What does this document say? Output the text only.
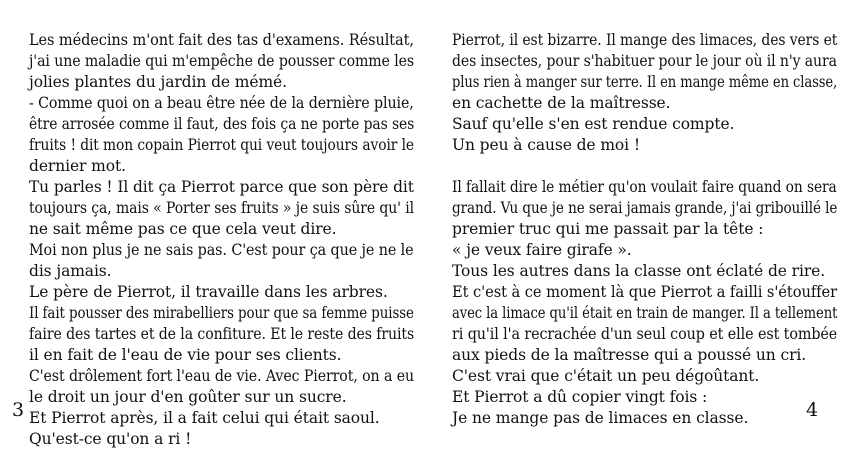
Les médecins m'ont fait des tas d'examens. Résultat,
j'ai une maladie qui m'empêche de pousser comme les
jolies plantes du jardin de mémé.
- Comme quoi on a beau être née de la dernière pluie,
être arrosée comme il faut, des fois ça ne porte pas ses
fruits ! dit mon copain Pierrot qui veut toujours avoir le
dernier mot.
Tu parles ! Il dit ça Pierrot parce que son père dit
toujours ça, mais « Porter ses fruits » je suis sûre qu' il
ne sait même pas ce que cela veut dire.
Moi non plus je ne sais pas. C'est pour ça que je ne le
dis jamais.
Le père de Pierrot, il travaille dans les arbres.
Il fait pousser des mirabelliers pour que sa femme puisse
faire des tartes et de la confiture. Et le reste des fruits
il en fait de l'eau de vie pour ses clients.
C'est drôlement fort l'eau de vie. Avec Pierrot, on a eu
le droit un jour d'en goûter sur un sucre.
Et Pierrot après, il a fait celui qui était saoul.
Qu'est-ce qu'on a ri !
3
Pierrot, il est bizarre. Il mange des limaces, des vers et
des insectes, pour s'habituer pour le jour où il n'y aura
plus rien à manger sur terre. Il en mange même en classe,
en cachette de la maîtresse.
Sauf qu'elle s'en est rendue compte.
Un peu à cause de moi !
Il fallait dire le métier qu'on voulait faire quand on sera
grand. Vu que je ne serai jamais grande, j'ai gribouillé le
premier truc qui me passait par la tête :
« je veux faire girafe ».
Tous les autres dans la classe ont éclaté de rire.
Et c'est à ce moment là que Pierrot a failli s'étouffer
avec la limace qu'il était en train de manger. Il a tellement
ri qu'il l'a recrachée d'un seul coup et elle est tombée
aux pieds de la maîtresse qui a poussé un cri.
C'est vrai que c'était un peu dégoûtant.
Et Pierrot a dû copier vingt fois :
Je ne mange pas de limaces en classe.	4
